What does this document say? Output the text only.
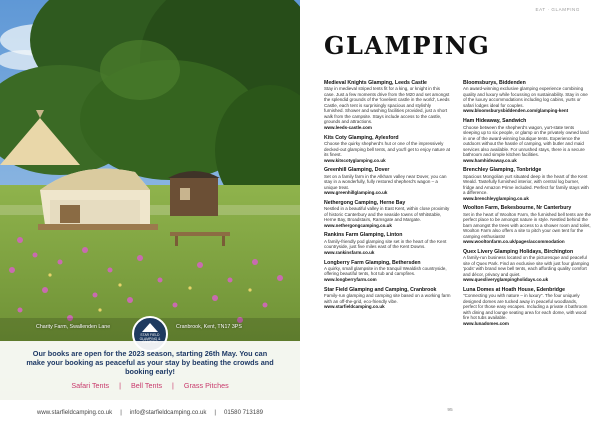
STAR FIELD GLAMPING &
Charity Farm, Swallenden Lane	Cranbrook, Kent, TN17 3PS
Our books are open for the 2023 season, starting 26th May. You can make your booking as peaceful as your stay by beating the crowds and booking early!
Safari Tents | Bell Tents | Grass Pitches
www.starfieldcamping.co.uk | info@starfieldcamping.co.uk | 01580 713189
EAT · GLAMPING
GLAMPING
Medieval Knights Glamping, Leeds Castle
Stay in medieval striped tents fit for a king, or knight in this case. Just a few moments drive from the M20 and set amongst the splendid grounds of the 'loveliest castle in the world', Leeds Castle, each tent is surprisingly spacious and stylishly furnished. Shower and washing facilities provided, just a short walk from the campsite. Stays include access to the castle, grounds and attractions.
www.leeds-castle.com
Kits Coty Glamping, Aylesford
Choose the quirky shepherd's hut or one of the impressively decked-out glamping bell tents, and you'll get to enjoy nature at its finest.
www.kitscotyglamping.co.uk
Greenhill Glamping, Dover
Set on a family farm in the Alkham valley near Dover, you can stay in a wonderfully, fully restored shepherd's wagon – a unique treat.
www.greenhillglamping.co.uk
Nethergong Camping, Herne Bay
Nestled in a beautiful valley in East Kent, within close proximity of historic Canterbury and the seaside towns of Whitstable, Herne Bay, Broadstairs, Ramsgate and Margate.
www.nethergongcamping.co.uk
Rankins Farm Glamping, Linton
A family-friendly pod glamping site set in the heart of the Kent countryside, just five miles east of the Kent Downs.
www.rankinsfarm.co.uk
Longberry Farm Glamping, Bethersden
A quirky, small glampsite in the tranquil Wealdish countryside, offering beautiful tents, hot tub and campfires.
www.longberryfarm.com
Star Field Glamping and Camping, Cranbrook
Family-run glamping and camping site based on a working farm with an off-the-grid, eco-friendly vibe.
www.starfieldcamping.co.uk
Bloomsburys, Biddenden
An award-winning exclusive glamping experience combining quality and luxury while focussing on sustainability. Stay in one of the luxury accommodations including log cabins, yurts or safari lodges ideal for couples.
www.bloomsburysbiddenden.com/glamping-kent
Ham Hideaway, Sandwich
Choose between the shepherd's wagon, yurt-state tents sleeping up to six people, or glamp on the privately owned land in one of the award-winning boutique tents. Experience the outdoors without the hassle of camping, with butler and maid services also available. For unrushed stays, there is a secure bathroom and simple kitchen facilities.
www.hamhideaway.co.uk
Brenchley Glamping, Tonbridge
Spacious Mongolian yurt situated deep in the heart of the Kent Weald. Tastefully furnished interior, with central log burner, fridge and Amazon Prime included. Perfect for family stays with a difference.
www.brenchleyglamping.co.uk
Woolton Farm, Bekesbourne, Nr Canterbury
Set in the heart of Woolton Farm, the furnished bell tents are the perfect place to be amongst nature in style. Nestled behind the barn amongst the trees with access to a shower room and toilet, Woolton Farm also offers a site to pitch your own tent for the camping enthusiasts!
www.wooltonfarm.co.uk/pages/accommodation
Quex Livery Glamping Holidays, Birchington
A family-run business located on the picturesque and peaceful site of Quex Park. Find an exclusive site with just four glamping 'pods' with brand new bell tents, each affording quality comfort and décor, privacy and quiet.
www.quexliveryglampingholidays.co.uk
Luna Domes at Hoath House, Edenbridge
"Connecting you with nature – in luxury". The four uniquely designed domes are tucked away in peaceful woodlands, perfect for those easy escapes. Including a private 4 bathroom with dining and lounge seating area for each dome, with wood fire hot tubs available.
www.lunadomes.com
95
